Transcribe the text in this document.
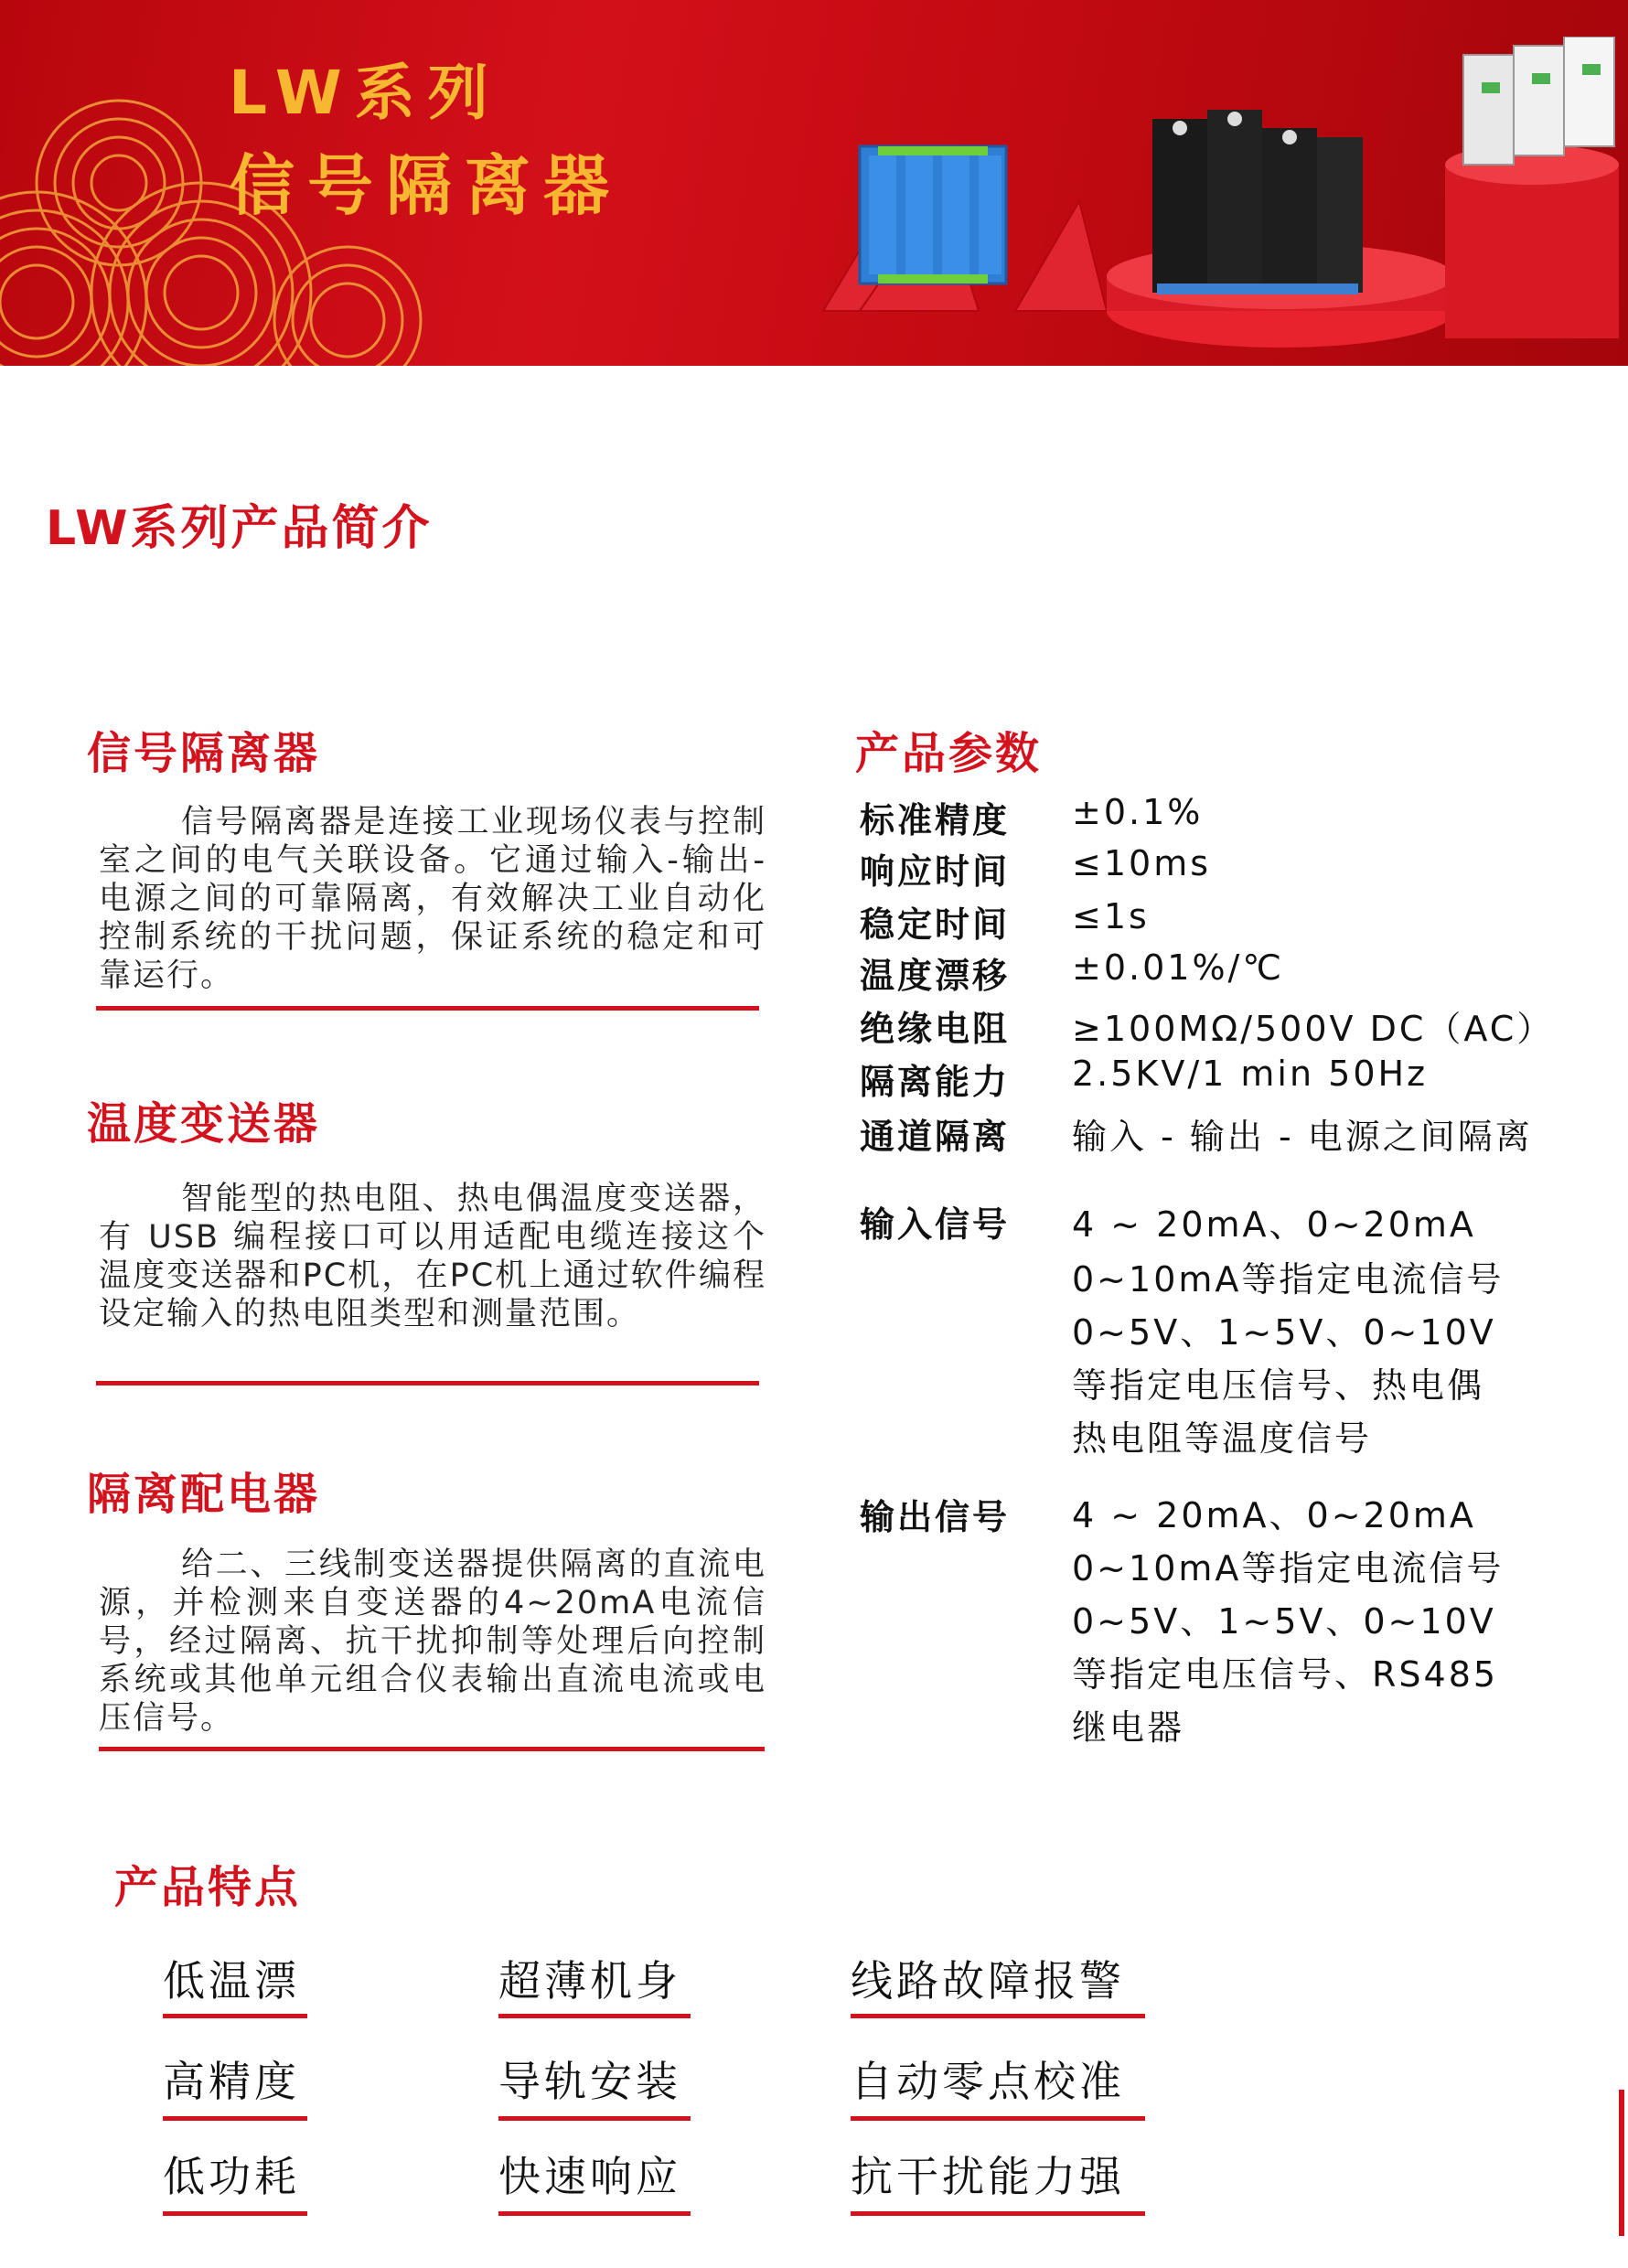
LW系列
信号隔离器
LW系列产品简介
信号隔离器
信号隔离器是连接工业现场仪表与控制室之间的电气关联设备。它通过输入-输出-电源之间的可靠隔离，有效解决工业自动化控制系统的干扰问题，保证系统的稳定和可靠运行。
温度变送器
智能型的热电阻、热电偶温度变送器，有 USB 编程接口可以用适配电缆连接这个温度变送器和PC机，在PC机上通过软件编程设定输入的热电阻类型和测量范围。
隔离配电器
给二、三线制变送器提供隔离的直流电源，并检测来自变送器的4~20mA电流信号，经过隔离、抗干扰抑制等处理后向控制系统或其他单元组合仪表输出直流电流或电压信号。
产品参数
标准精度 ±0.1%
响应时间 ≤10ms
稳定时间 ≤1s
温度漂移 ±0.01%/℃
绝缘电阻 ≥100MΩ/500V DC（AC）
隔离能力 2.5KV/1 min 50Hz
通道隔离 输入 - 输出 - 电源之间隔离
输入信号 4 ~ 20mA、0~20mA
0~10mA等指定电流信号
0~5V、1~5V、0~10V
等指定电压信号、热电偶
热电阻等温度信号
输出信号 4 ~ 20mA、0~20mA
0~10mA等指定电流信号
0~5V、1~5V、0~10V
等指定电压信号、RS485
继电器
产品特点
低温漂
高精度
低功耗
超薄机身
导轨安装
快速响应
线路故障报警
自动零点校准
抗干扰能力强
